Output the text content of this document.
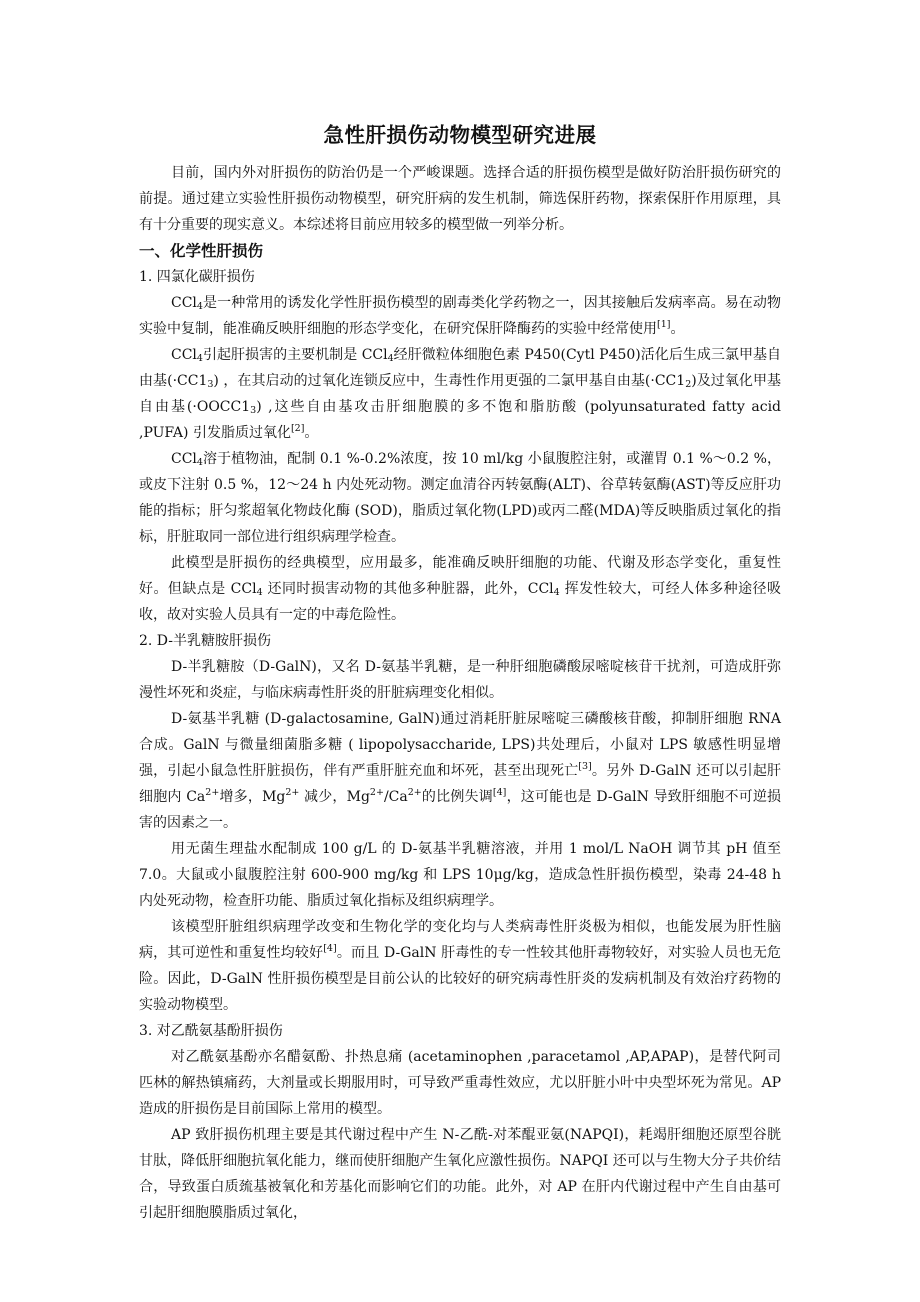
急性肝损伤动物模型研究进展

目前，国内外对肝损伤的防治仍是一个严峻课题。选择合适的肝损伤模型是做好防治肝损伤研究的前提。通过建立实验性肝损伤动物模型，研究肝病的发生机制，筛选保肝药物，探索保肝作用原理，具有十分重要的现实意义。本综述将目前应用较多的模型做一列举分析。

一、化学性肝损伤
1. 四氯化碳肝损伤

CCl$_4$是一种常用的诱发化学性肝损伤模型的剧毒类化学药物之一，因其接触后发病率高。易在动物实验中复制，能准确反映肝细胞的形态学变化，在研究保肝降酶药的实验中经常使用[1]。

CCl$_4$引起肝损害的主要机制是 CCl$_4$经肝微粒体细胞色素 P450(Cytl P450)活化后生成三氯甲基自由基$(\cdot CC1_3)$ ，在其启动的过氧化连锁反应中，生毒性作用更强的二氯甲基自由基$(\cdot CC1_2)$及过氧化甲基自由基$(\cdot OOCC1_3)$ ,这些自由基攻击肝细胞膜的多不饱和脂肪酸 (polyunsaturated fatty acid ,PUFA) 引发脂质过氧化[2]。

CCl$_4$溶于植物油，配制 0.1 %-0.2%浓度，按 10 ml/kg 小鼠腹腔注射，或灌胃 0.1 %～0.2 %，或皮下注射 0.5 %，12～24 h 内处死动物。测定血清谷丙转氨酶(ALT)、谷草转氨酶(AST)等反应肝功能的指标；肝匀浆超氧化物歧化酶 (SOD)，脂质过氧化物(LPD)或丙二醛(MDA)等反映脂质过氧化的指标，肝脏取同一部位进行组织病理学检查。

此模型是肝损伤的经典模型，应用最多，能准确反映肝细胞的功能、代谢及形态学变化，重复性好。但缺点是 CCl$_4$ 还同时损害动物的其他多种脏器，此外，CCl$_4$ 挥发性较大，可经人体多种途径吸收，故对实验人员具有一定的中毒危险性。

2. D-半乳糖胺肝损伤

D-半乳糖胺（D-GalN)，又名 D-氨基半乳糖，是一种肝细胞磷酸尿嘧啶核苷干扰剂，可造成肝弥漫性坏死和炎症，与临床病毒性肝炎的肝脏病理变化相似。

D-氨基半乳糖 (D-galactosamine, GalN)通过消耗肝脏尿嘧啶三磷酸核苷酸，抑制肝细胞 RNA 合成。GalN 与微量细菌脂多糖 ( lipopolysaccharide, LPS)共处理后，小鼠对 LPS 敏感性明显增强，引起小鼠急性肝脏损伤，伴有严重肝脏充血和坏死，甚至出现死亡[3]。另外 D-GalN 还可以引起肝细胞内 $Ca^{2+}$增多，$Mg^{2+}$ 减少，$Mg^{2+}/Ca^{2+}$的比例失调[4]，这可能也是 D-GalN 导致肝细胞不可逆损害的因素之一。

用无菌生理盐水配制成 100 g/L 的 D-氨基半乳糖溶液，并用 1 mol/L NaOH 调节其 pH 值至 7.0。大鼠或小鼠腹腔注射 600-900 mg/kg 和 LPS 10μg/kg，造成急性肝损伤模型，染毒 24-48 h 内处死动物，检查肝功能、脂质过氧化指标及组织病理学。

该模型肝脏组织病理学改变和生物化学的变化均与人类病毒性肝炎极为相似，也能发展为肝性脑病，其可逆性和重复性均较好[4]。而且 D-GalN 肝毒性的专一性较其他肝毒物较好，对实验人员也无危险。因此，D-GalN 性肝损伤模型是目前公认的比较好的研究病毒性肝炎的发病机制及有效治疗药物的实验动物模型。

3. 对乙酰氨基酚肝损伤

对乙酰氨基酚亦名醋氨酚、扑热息痛 (acetaminophen ,paracetamol ,AP,APAP)，是替代阿司匹林的解热镇痛药，大剂量或长期服用时，可导致严重毒性效应，尤以肝脏小叶中央型坏死为常见。AP 造成的肝损伤是目前国际上常用的模型。

AP 致肝损伤机理主要是其代谢过程中产生 N-乙酰-对苯醌亚氨(NAPQI)，耗竭肝细胞还原型谷胱甘肽，降低肝细胞抗氧化能力，继而使肝细胞产生氧化应激性损伤。NAPQI 还可以与生物大分子共价结合，导致蛋白质巯基被氧化和芳基化而影响它们的功能。此外，对 AP 在肝内代谢过程中产生自由基可引起肝细胞膜脂质过氧化，
